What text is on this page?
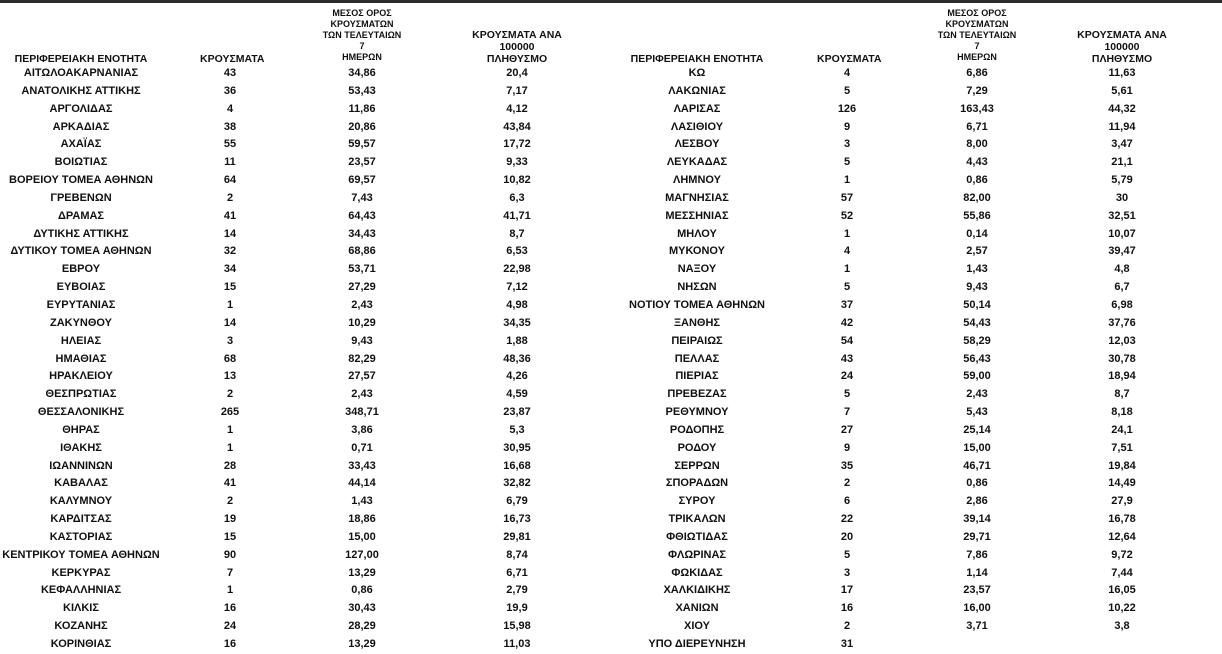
ΠΕΡΙΦΕΡΕΙΑΚΗ ΕΝΟΤΗΤΑ	ΚΡΟΥΣΜΑΤΑ
ΜΕΣΟΣ ΟΡΟΣ ΚΡΟΥΣΜΑΤΩΝ
ΤΩΝ ΤΕΛΕΥΤΑΙΩΝ 7
ΗΜΕΡΩΝ
ΚΡΟΥΣΜΑΤΑ ΑΝΑ 100000
ΠΛΗΘΥΣΜΟ
ΑΙΤΩΛΟΑΚΑΡΝΑΝΙΑΣ	43	34,86	20,4
ΑΝΑΤΟΛΙΚΗΣ ΑΤΤΙΚΗΣ	36	53,43	7,17
ΑΡΓΟΛΙΔΑΣ	4	11,86	4,12
ΑΡΚΑΔΙΑΣ	38	20,86	43,84
ΑΧΑΪΑΣ	55	59,57	17,72
ΒΟΙΩΤΙΑΣ	11	23,57	9,33
ΒΟΡΕΙΟΥ ΤΟΜΕΑ ΑΘΗΝΩΝ	64	69,57	10,82
ΓΡΕΒΕΝΩΝ	2	7,43	6,3
ΔΡΑΜΑΣ	41	64,43	41,71
ΔΥΤΙΚΗΣ ΑΤΤΙΚΗΣ	14	34,43	8,7
ΔΥΤΙΚΟΥ ΤΟΜΕΑ ΑΘΗΝΩΝ	32	68,86	6,53
ΕΒΡΟΥ	34	53,71	22,98
ΕΥΒΟΙΑΣ	15	27,29	7,12
ΕΥΡΥΤΑΝΙΑΣ	1	2,43	4,98
ΖΑΚΥΝΘΟΥ	14	10,29	34,35
ΗΛΕΙΑΣ	3	9,43	1,88
ΗΜΑΘΙΑΣ	68	82,29	48,36
ΗΡΑΚΛΕΙΟΥ	13	27,57	4,26
ΘΕΣΠΡΩΤΙΑΣ	2	2,43	4,59
ΘΕΣΣΑΛΟΝΙΚΗΣ	265	348,71	23,87
ΘΗΡΑΣ	1	3,86	5,3
ΙΘΑΚΗΣ	1	0,71	30,95
ΙΩΑΝΝΙΝΩΝ	28	33,43	16,68
ΚΑΒΑΛΑΣ	41	44,14	32,82
ΚΑΛΥΜΝΟΥ	2	1,43	6,79
ΚΑΡΔΙΤΣΑΣ	19	18,86	16,73
ΚΑΣΤΟΡΙΑΣ	15	15,00	29,81
ΚΕΝΤΡΙΚΟΥ ΤΟΜΕΑ ΑΘΗΝΩΝ	90	127,00	8,74
ΚΕΡΚΥΡΑΣ	7	13,29	6,71
ΚΕΦΑΛΛΗΝΙΑΣ	1	0,86	2,79
ΚΙΛΚΙΣ	16	30,43	19,9
ΚΟΖΑΝΗΣ	24	28,29	15,98
ΚΟΡΙΝΘΙΑΣ	16	13,29	11,03
ΠΕΡΙΦΕΡΕΙΑΚΗ ΕΝΟΤΗΤΑ	ΚΡΟΥΣΜΑΤΑ
ΜΕΣΟΣ ΟΡΟΣ ΚΡΟΥΣΜΑΤΩΝ
ΤΩΝ ΤΕΛΕΥΤΑΙΩΝ 7
ΗΜΕΡΩΝ
ΚΡΟΥΣΜΑΤΑ ΑΝΑ 100000
ΠΛΗΘΥΣΜΟ
ΚΩ	4	6,86	11,63
ΛΑΚΩΝΙΑΣ	5	7,29	5,61
ΛΑΡΙΣΑΣ	126	163,43	44,32
ΛΑΣΙΘΙΟΥ	9	6,71	11,94
ΛΕΣΒΟΥ	3	8,00	3,47
ΛΕΥΚΑΔΑΣ	5	4,43	21,1
ΛΗΜΝΟΥ	1	0,86	5,79
ΜΑΓΝΗΣΙΑΣ	57	82,00	30
ΜΕΣΣΗΝΙΑΣ	52	55,86	32,51
ΜΗΛΟΥ	1	0,14	10,07
ΜΥΚΟΝΟΥ	4	2,57	39,47
ΝΑΞΟΥ	1	1,43	4,8
ΝΗΣΩΝ	5	9,43	6,7
ΝΟΤΙΟΥ ΤΟΜΕΑ ΑΘΗΝΩΝ	37	50,14	6,98
ΞΑΝΘΗΣ	42	54,43	37,76
ΠΕΙΡΑΙΩΣ	54	58,29	12,03
ΠΕΛΛΑΣ	43	56,43	30,78
ΠΙΕΡΙΑΣ	24	59,00	18,94
ΠΡΕΒΕΖΑΣ	5	2,43	8,7
ΡΕΘΥΜΝΟΥ	7	5,43	8,18
ΡΟΔΟΠΗΣ	27	25,14	24,1
ΡΟΔΟΥ	9	15,00	7,51
ΣΕΡΡΩΝ	35	46,71	19,84
ΣΠΟΡΑΔΩΝ	2	0,86	14,49
ΣΥΡΟΥ	6	2,86	27,9
ΤΡΙΚΑΛΩΝ	22	39,14	16,78
ΦΘΙΩΤΙΔΑΣ	20	29,71	12,64
ΦΛΩΡΙΝΑΣ	5	7,86	9,72
ΦΩΚΙΔΑΣ	3	1,14	7,44
ΧΑΛΚΙΔΙΚΗΣ	17	23,57	16,05
ΧΑΝΙΩΝ	16	16,00	10,22
ΧΙΟΥ	2	3,71	3,8
ΥΠΟ ΔΙΕΡΕΥΝΗΣΗ	31
